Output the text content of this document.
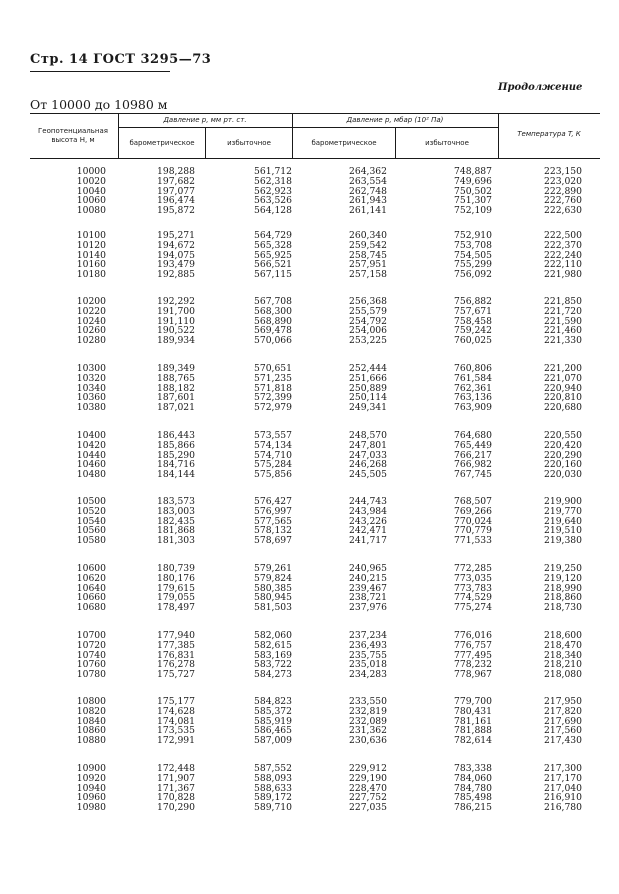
Стр. 14 ГОСТ 3295—73
Продолжение
От 10000 до 10980 м
Геопотенциальная высота H, м
Давление p, мм рт. ст.	Давление p, мбар (10² Па)
барометрическое	избыточное	барометрическое	избыточное
Температура T, К
10000	198,288	561,712	264,362	748,887	223,150
10020	197,682	562,318	263,554	749,696	223,020
10040	197,077	562,923	262,748	750,502	222,890
10060	196,474	563,526	261,943	751,307	222,760
10080	195,872	564,128	261,141	752,109	222,630
10100	195,271	564,729	260,340	752,910	222,500
10120	194,672	565,328	259,542	753,708	222,370
10140	194,075	565,925	258,745	754,505	222,240
10160	193,479	566,521	257,951	755,299	222,110
10180	192,885	567,115	257,158	756,092	221,980
10200	192,292	567,708	256,368	756,882	221,850
10220	191,700	568,300	255,579	757,671	221,720
10240	191,110	568,890	254,792	758,458	221,590
10260	190,522	569,478	254,006	759,242	221,460
10280	189,934	570,066	253,225	760,025	221,330
10300	189,349	570,651	252,444	760,806	221,200
10320	188,765	571,235	251,666	761,584	221,070
10340	188,182	571,818	250,889	762,361	220,940
10360	187,601	572,399	250,114	763,136	220,810
10380	187,021	572,979	249,341	763,909	220,680
10400	186,443	573,557	248,570	764,680	220,550
10420	185,866	574,134	247,801	765,449	220,420
10440	185,290	574,710	247,033	766,217	220,290
10460	184,716	575,284	246,268	766,982	220,160
10480	184,144	575,856	245,505	767,745	220,030
10500	183,573	576,427	244,743	768,507	219,900
10520	183,003	576,997	243,984	769,266	219,770
10540	182,435	577,565	243,226	770,024	219,640
10560	181,868	578,132	242,471	770,779	219,510
10580	181,303	578,697	241,717	771,533	219,380
10600	180,739	579,261	240,965	772,285	219,250
10620	180,176	579,824	240,215	773,035	219,120
10640	179,615	580,385	239,467	773,783	218,990
10660	179,055	580,945	238,721	774,529	218,860
10680	178,497	581,503	237,976	775,274	218,730
10700	177,940	582,060	237,234	776,016	218,600
10720	177,385	582,615	236,493	776,757	218,470
10740	176,831	583,169	235,755	777,495	218,340
10760	176,278	583,722	235,018	778,232	218,210
10780	175,727	584,273	234,283	778,967	218,080
10800	175,177	584,823	233,550	779,700	217,950
10820	174,628	585,372	232,819	780,431	217,820
10840	174,081	585,919	232,089	781,161	217,690
10860	173,535	586,465	231,362	781,888	217,560
10880	172,991	587,009	230,636	782,614	217,430
10900	172,448	587,552	229,912	783,338	217,300
10920	171,907	588,093	229,190	784,060	217,170
10940	171,367	588,633	228,470	784,780	217,040
10960	170,828	589,172	227,752	785,498	216,910
10980	170,290	589,710	227,035	786,215	216,780
